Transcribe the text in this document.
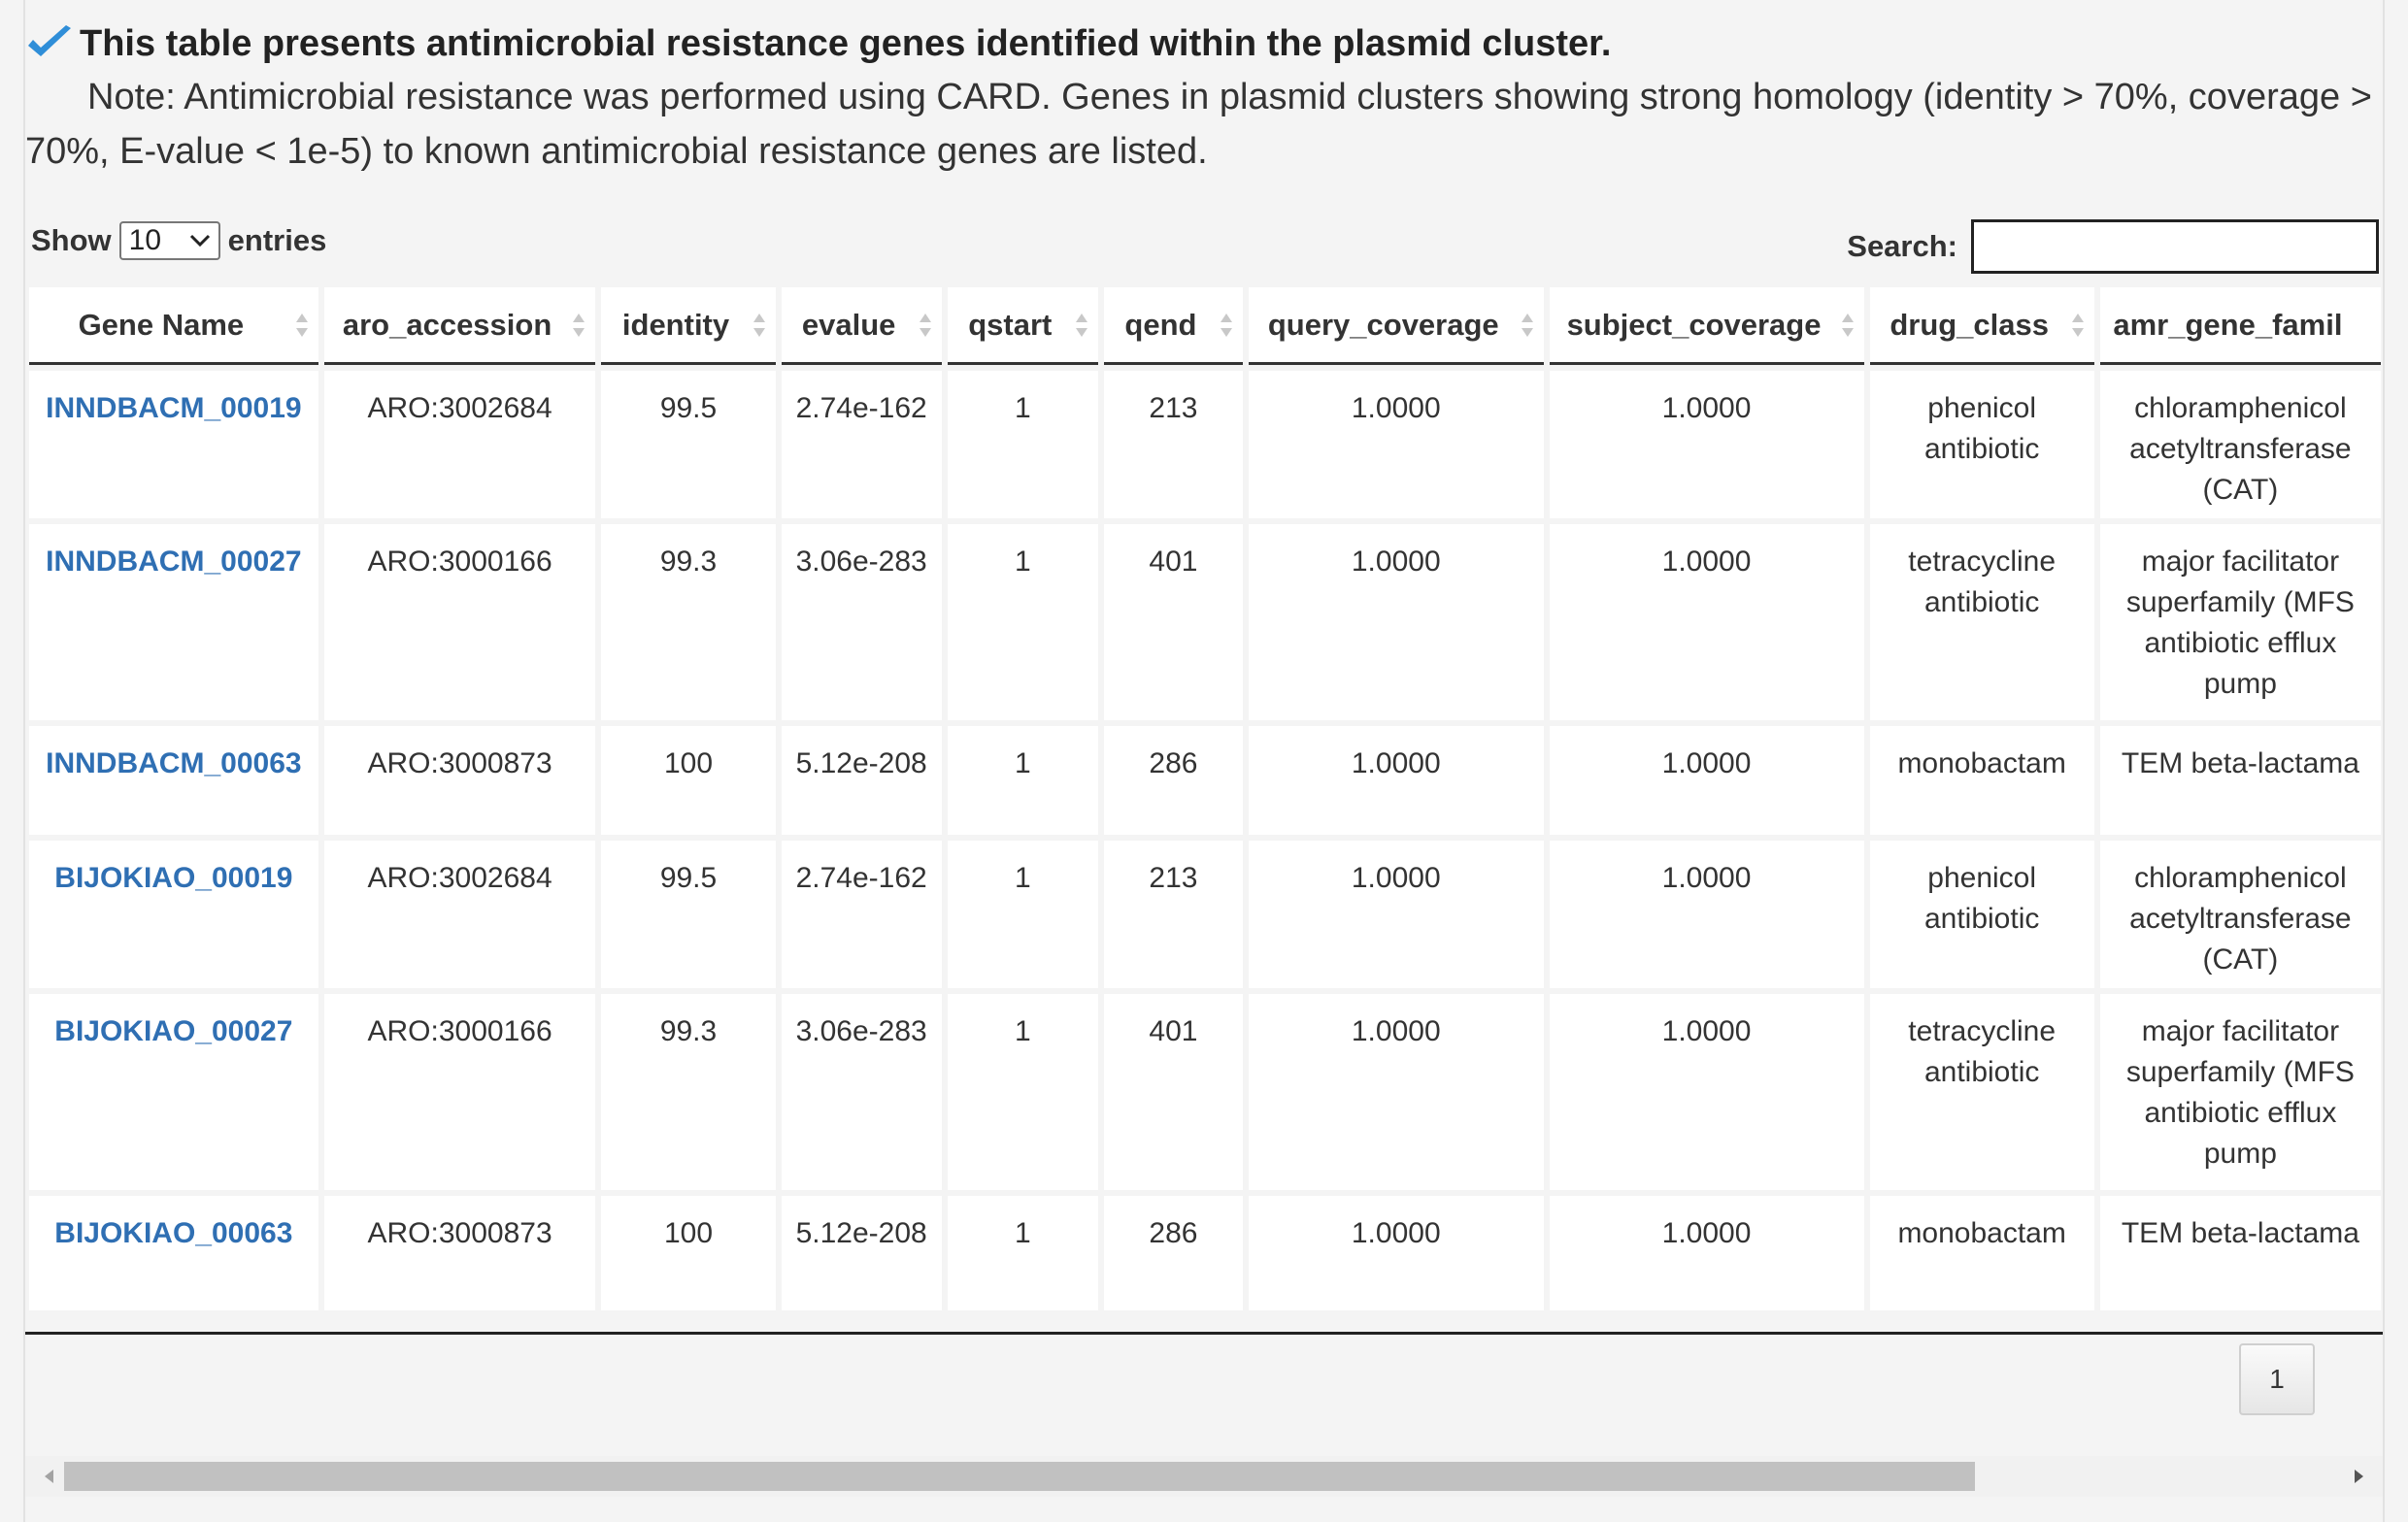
This table presents antimicrobial resistance genes identified within the plasmid cluster.
Note: Antimicrobial resistance was performed using CARD. Genes in plasmid clusters showing strong homology (identity > 70%, coverage > 70%, E-value < 1e-5) to known antimicrobial resistance genes are listed.
Show 10 entries	Search:
Gene Name	aro_accession	identity	evalue	qstart	qend	query_coverage	subject_coverage	drug_class	amr_gene_famil
INNDBACM_00019	ARO:3002684	99.5	2.74e-162	1	213	1.0000	1.0000	phenicol antibiotic	chloramphenicol acetyltransferase (CAT)
INNDBACM_00027	ARO:3000166	99.3	3.06e-283	1	401	1.0000	1.0000	tetracycline antibiotic	major facilitator superfamily (MFS antibiotic efflux pump
INNDBACM_00063	ARO:3000873	100	5.12e-208	1	286	1.0000	1.0000	monobactam	TEM beta-lactama
BIJOKIAO_00019	ARO:3002684	99.5	2.74e-162	1	213	1.0000	1.0000	phenicol antibiotic	chloramphenicol acetyltransferase (CAT)
BIJOKIAO_00027	ARO:3000166	99.3	3.06e-283	1	401	1.0000	1.0000	tetracycline antibiotic	major facilitator superfamily (MFS antibiotic efflux pump
BIJOKIAO_00063	ARO:3000873	100	5.12e-208	1	286	1.0000	1.0000	monobactam	TEM beta-lactama
1
